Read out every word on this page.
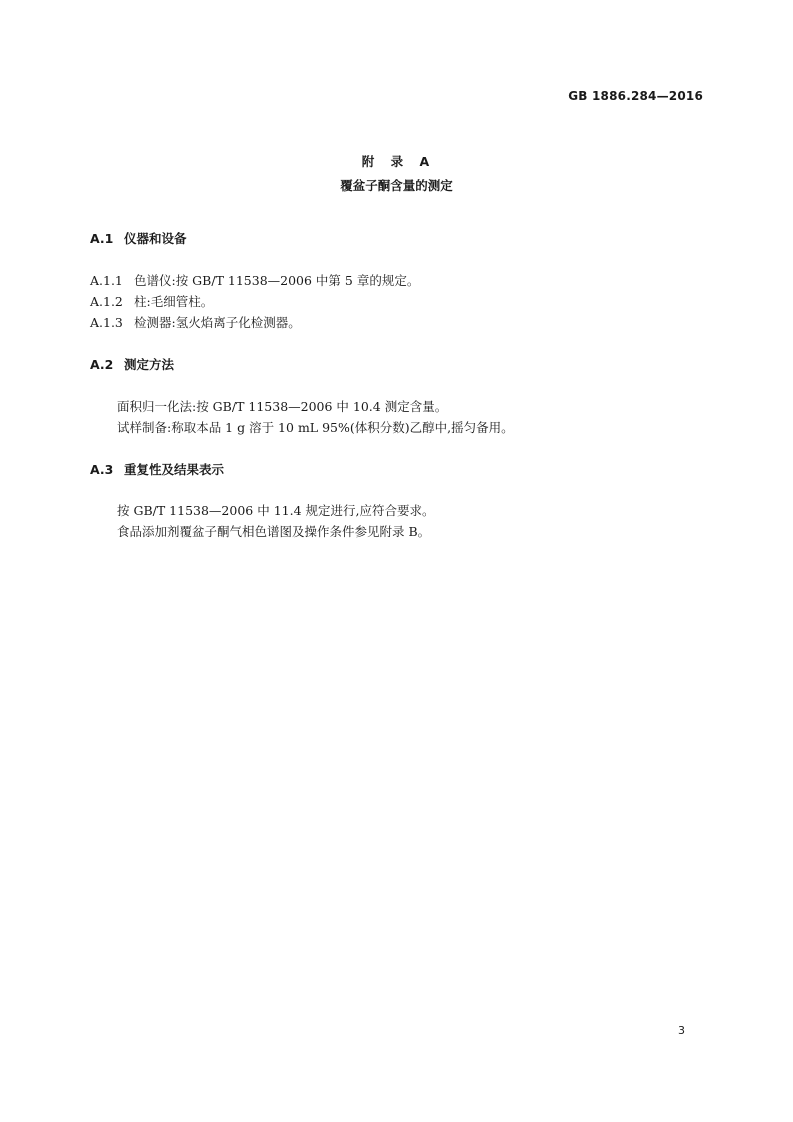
GB 1886.284—2016
附 录 A
覆盆子酮含量的测定
A.1 仪器和设备
A.1.1 色谱仪:按 GB/T 11538—2006 中第 5 章的规定。
A.1.2 柱:毛细管柱。
A.1.3 检测器:氢火焰离子化检测器。
A.2 测定方法
面积归一化法:按 GB/T 11538—2006 中 10.4 测定含量。
试样制备:称取本品 1 g 溶于 10 mL 95%(体积分数)乙醇中,摇匀备用。
A.3 重复性及结果表示
按 GB/T 11538—2006 中 11.4 规定进行,应符合要求。
食品添加剂覆盆子酮气相色谱图及操作条件参见附录 B。
3
